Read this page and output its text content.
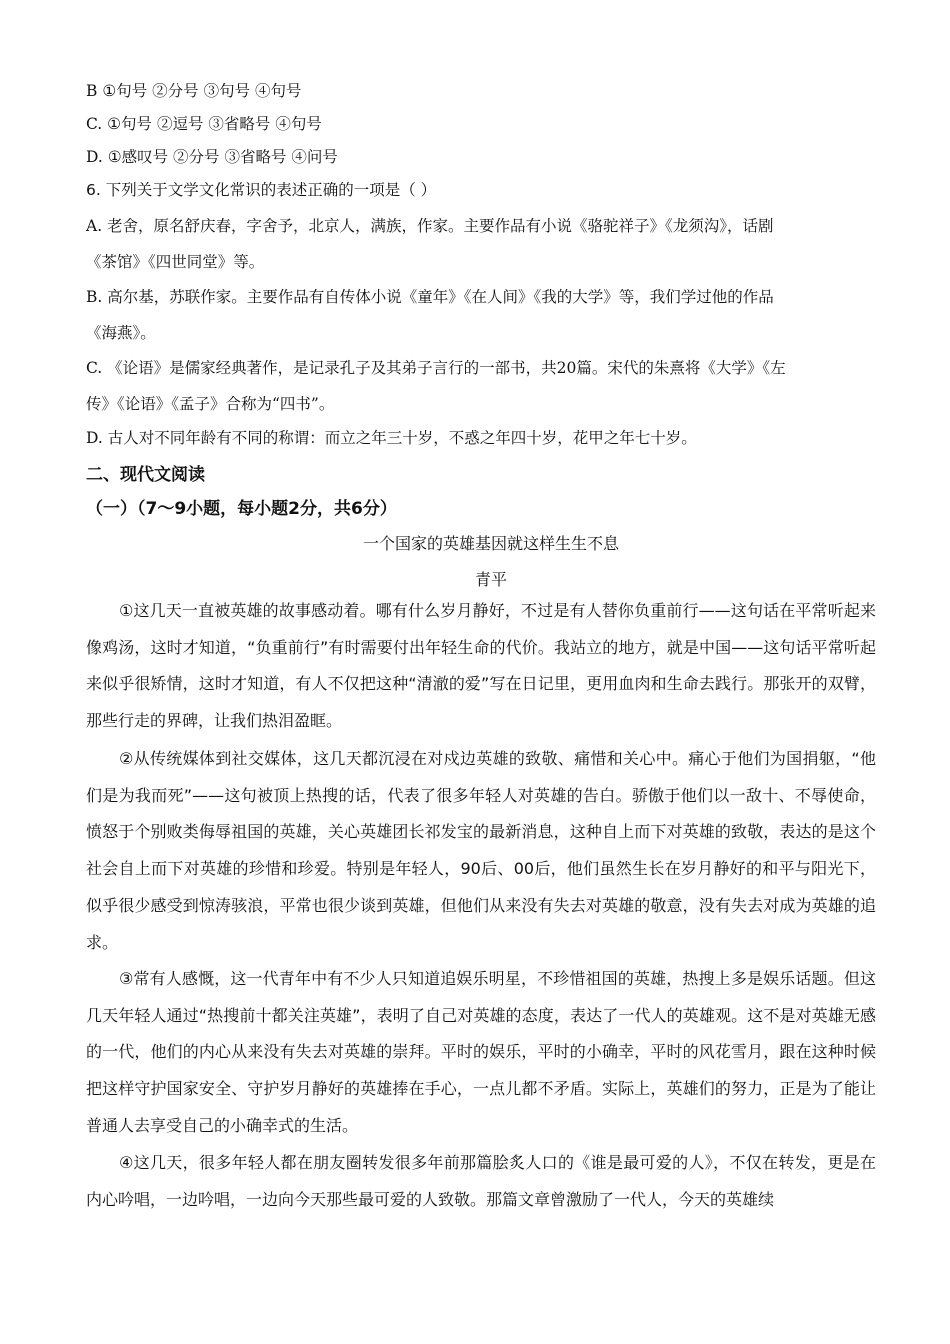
B ①句号 ②分号 ③句号 ④句号
C. ①句号 ②逗号 ③省略号 ④句号
D. ①感叹号 ②分号 ③省略号 ④问号
6. 下列关于文学文化常识的表述正确的一项是（ ）
A. 老舍，原名舒庆春，字舍予，北京人，满族，作家。主要作品有小说《骆驼祥子》《龙须沟》，话剧
《茶馆》《四世同堂》等。
B. 高尔基，苏联作家。主要作品有自传体小说《童年》《在人间》《我的大学》等，我们学过他的作品
《海燕》。
C. 《论语》是儒家经典著作，是记录孔子及其弟子言行的一部书，共20篇。宋代的朱熹将《大学》《左
传》《论语》《孟子》合称为“四书”。
D. 古人对不同年龄有不同的称谓：而立之年三十岁，不惑之年四十岁，花甲之年七十岁。
二、现代文阅读
（一）（7～9小题，每小题2分，共6分）
一个国家的英雄基因就这样生生不息
青平

①这几天一直被英雄的故事感动着。哪有什么岁月静好，不过是有人替你负重前行——这句话在平常听起来像鸡汤，这时才知道，“负重前行”有时需要付出年轻生命的代价。我站立的地方，就是中国——这句话平常听起来似乎很矫情，这时才知道，有人不仅把这种“清澈的爱”写在日记里，更用血肉和生命去践行。那张开的双臂，那些行走的界碑，让我们热泪盈眶。

②从传统媒体到社交媒体，这几天都沉浸在对戍边英雄的致敬、痛惜和关心中。痛心于他们为国捐躯，“他们是为我而死”——这句被顶上热搜的话，代表了很多年轻人对英雄的告白。骄傲于他们以一敌十、不辱使命，愤怒于个别败类侮辱祖国的英雄，关心英雄团长祁发宝的最新消息，这种自上而下对英雄的致敬，表达的是这个社会自上而下对英雄的珍惜和珍爱。特别是年轻人，90后、00后，他们虽然生长在岁月静好的和平与阳光下，似乎很少感受到惊涛骇浪，平常也很少谈到英雄，但他们从来没有失去对英雄的敬意，没有失去对成为英雄的追求。

③常有人感慨，这一代青年中有不少人只知道追娱乐明星，不珍惜祖国的英雄，热搜上多是娱乐话题。但这几天年轻人通过“热搜前十都关注英雄”，表明了自己对英雄的态度，表达了一代人的英雄观。这不是对英雄无感的一代，他们的内心从来没有失去对英雄的崇拜。平时的娱乐，平时的小确幸，平时的风花雪月，跟在这种时候把这样守护国家安全、守护岁月静好的英雄捧在手心，一点儿都不矛盾。实际上，英雄们的努力，正是为了能让普通人去享受自己的小确幸式的生活。

④这几天，很多年轻人都在朋友圈转发很多年前那篇脍炙人口的《谁是最可爱的人》，不仅在转发，更是在内心吟唱，一边吟唱，一边向今天那些最可爱的人致敬。那篇文章曾激励了一代人，今天的英雄续
